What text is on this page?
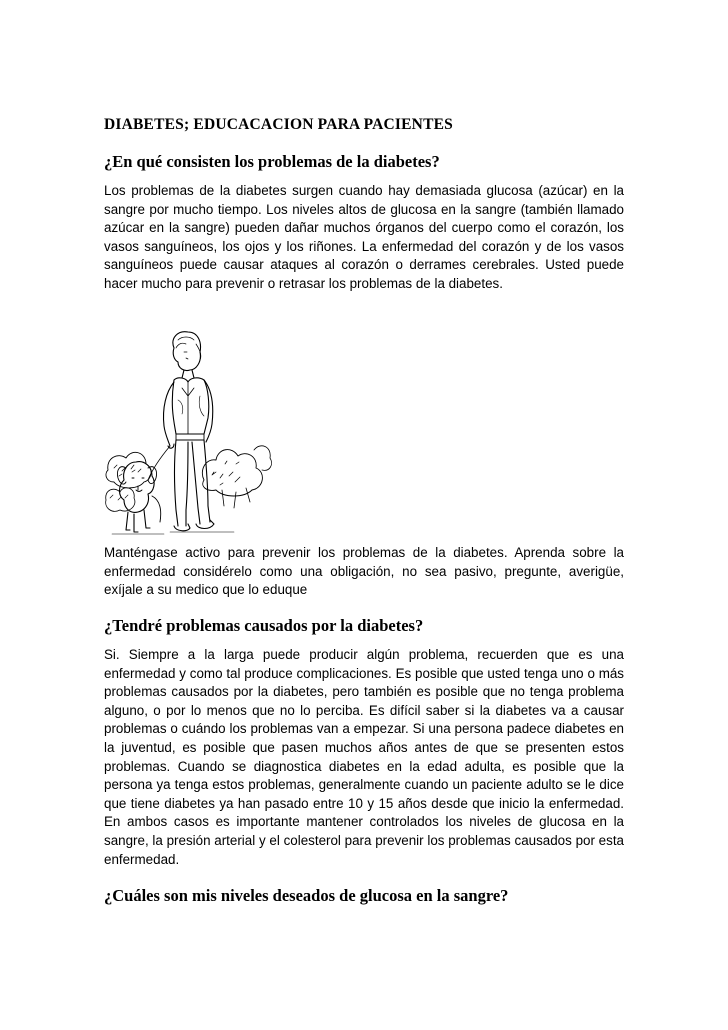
DIABETES; EDUCACACION PARA PACIENTES
¿En qué consisten los problemas de la diabetes?

Los problemas de la diabetes surgen cuando hay demasiada glucosa (azúcar) en la sangre por mucho tiempo. Los niveles altos de glucosa en la sangre (también llamado azúcar en la sangre) pueden dañar muchos órganos del cuerpo como el corazón, los vasos sanguíneos, los ojos y los riñones. La enfermedad del corazón y de los vasos sanguíneos puede causar ataques al corazón o derrames cerebrales. Usted puede hacer mucho para prevenir o retrasar los problemas de la diabetes.

Manténgase activo para prevenir los problemas de la diabetes. Aprenda sobre la enfermedad considérelo como una obligación, no sea pasivo, pregunte, averigüe, exíjale a su medico que lo eduque

¿Tendré problemas causados por la diabetes?

Si. Siempre a la larga puede producir algún problema, recuerden que es una enfermedad y como tal produce complicaciones. Es posible que usted tenga uno o más problemas causados por la diabetes, pero también es posible que no tenga problema alguno, o por lo menos que no lo perciba. Es difícil saber si la diabetes va a causar problemas o cuándo los problemas van a empezar. Si una persona padece diabetes en la juventud, es posible que pasen muchos años antes de que se presenten estos problemas. Cuando se diagnostica diabetes en la edad adulta, es posible que la persona ya tenga estos problemas, generalmente cuando un paciente adulto se le dice que tiene diabetes ya han pasado entre 10 y 15 años desde que inicio la enfermedad. En ambos casos es importante mantener controlados los niveles de glucosa en la sangre, la presión arterial y el colesterol para prevenir los problemas causados por esta enfermedad.

¿Cuáles son mis niveles deseados de glucosa en la sangre?
